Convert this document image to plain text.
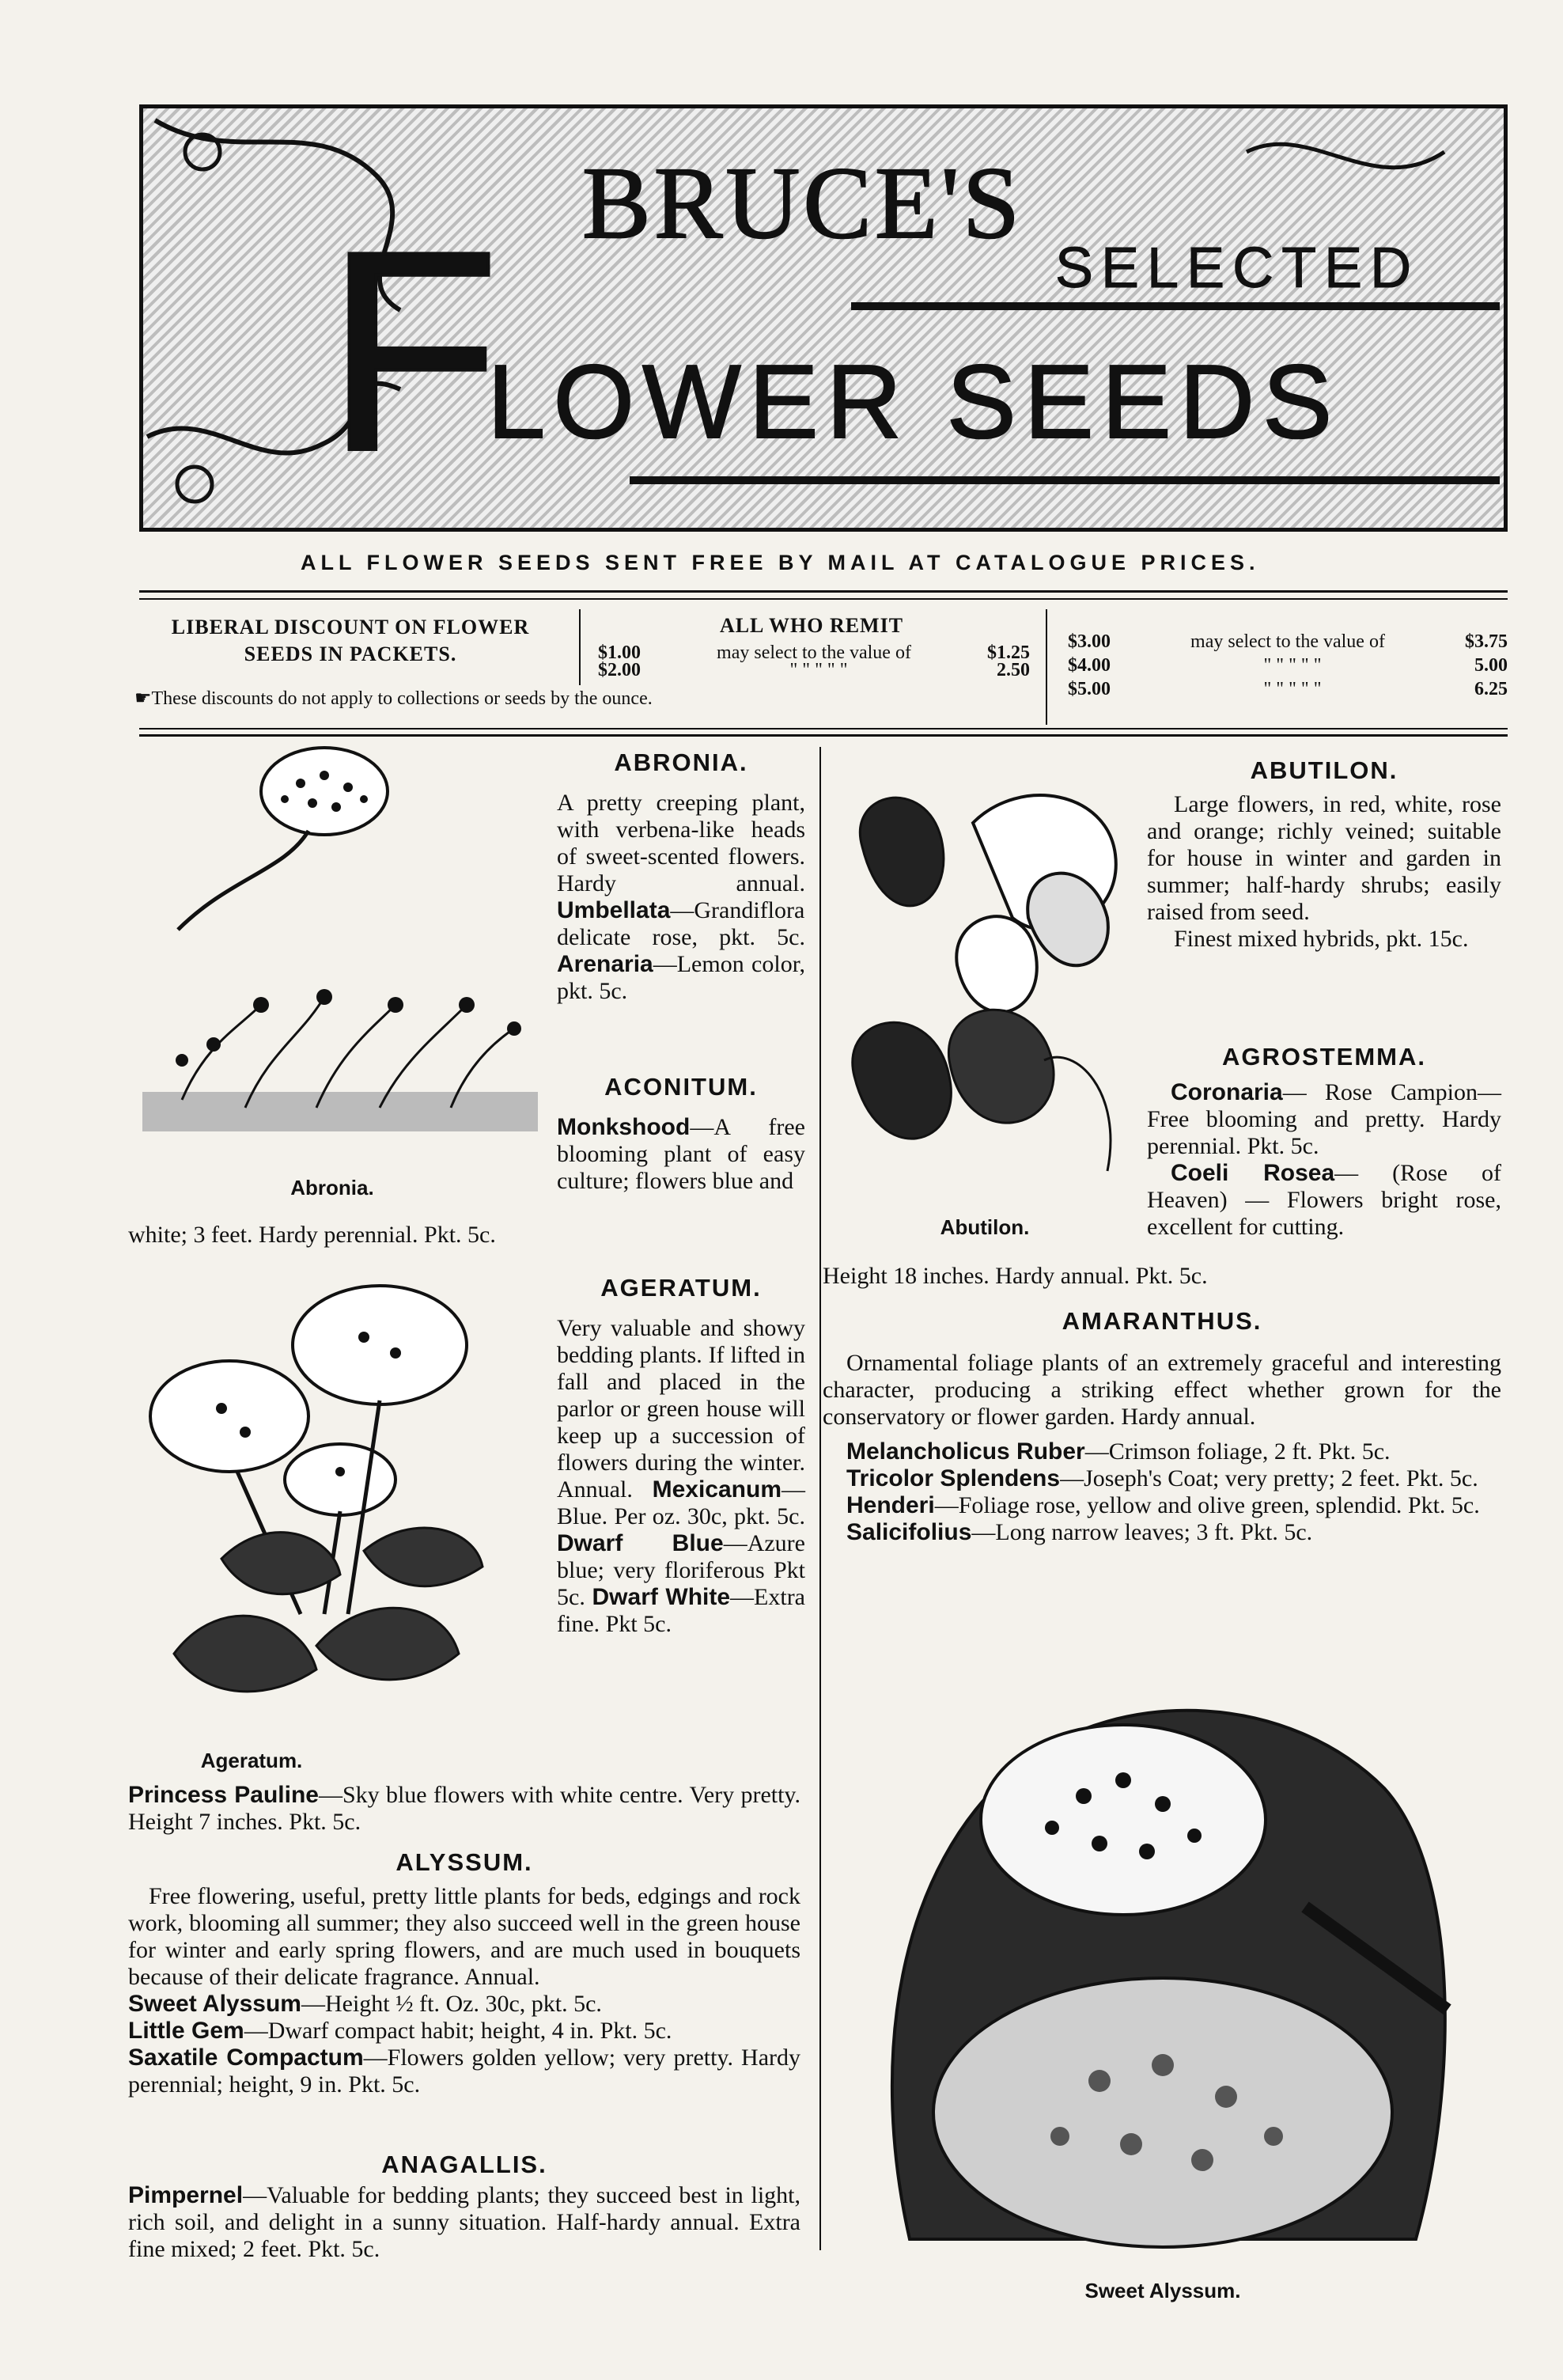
BRUCE'S
SELECTED
F
LOWER SEEDS
ALL FLOWER SEEDS SENT FREE BY MAIL AT CATALOGUE PRICES.
LIBERAL DISCOUNT ON FLOWER SEEDS IN PACKETS.
ALL WHO REMIT
$1.00	may select to the value of	$1.25
$2.00	" " " " "	2.50
$3.00	may select to the value of	$3.75
$4.00	" " " " "	5.00
$5.00	" " " " "	6.25
☛These discounts do not apply to collections or seeds by the ounce.
Abronia.
ABRONIA.
A pretty creeping plant, with verbena-like heads of sweet-scented flowers. Hardy annual. Umbellata—Grandiflora delicate rose, pkt. 5c. Arenaria—Lemon color, pkt. 5c.
ACONITUM.
Monkshood—A free blooming plant of easy culture; flowers blue and
white; 3 feet. Hardy perennial. Pkt. 5c.
Ageratum.
AGERATUM.
Very valuable and showy bedding plants. If lifted in fall and placed in the parlor or green house will keep up a succession of flowers during the winter. Annual. Mexicanum—Blue. Per oz. 30c, pkt. 5c. Dwarf Blue—Azure blue; very floriferous Pkt 5c. Dwarf White—Extra fine. Pkt 5c.
Princess Pauline—Sky blue flowers with white centre. Very pretty. Height 7 inches. Pkt. 5c.
ALYSSUM.
Free flowering, useful, pretty little plants for beds, edgings and rock work, blooming all summer; they also succeed well in the green house for winter and early spring flowers, and are much used in bouquets because of their delicate fragrance. Annual.
Sweet Alyssum—Height ½ ft. Oz. 30c, pkt. 5c.
Little Gem—Dwarf compact habit; height, 4 in. Pkt. 5c.
Saxatile Compactum—Flowers golden yellow; very pretty. Hardy perennial; height, 9 in. Pkt. 5c.
ANAGALLIS.
Pimpernel—Valuable for bedding plants; they succeed best in light, rich soil, and delight in a sunny situation. Half-hardy annual. Extra fine mixed; 2 feet. Pkt. 5c.
Abutilon.
ABUTILON.
Large flowers, in red, white, rose and orange; richly veined; suitable for house in winter and garden in summer; half-hardy shrubs; easily raised from seed.
Finest mixed hybrids, pkt. 15c.
AGROSTEMMA.
Coronaria— Rose Campion—Free blooming and pretty. Hardy perennial. Pkt. 5c.
Coeli Rosea— (Rose of Heaven) — Flowers bright rose, excellent for cutting.
Height 18 inches. Hardy annual. Pkt. 5c.
AMARANTHUS.
Ornamental foliage plants of an extremely graceful and interesting character, producing a striking effect whether grown for the conservatory or flower garden. Hardy annual.
Melancholicus Ruber—Crimson foliage, 2 ft. Pkt. 5c.
Tricolor Splendens—Joseph's Coat; very pretty; 2 feet. Pkt. 5c.
Henderi—Foliage rose, yellow and olive green, splendid. Pkt. 5c.
Salicifolius—Long narrow leaves; 3 ft. Pkt. 5c.
Sweet Alyssum.
